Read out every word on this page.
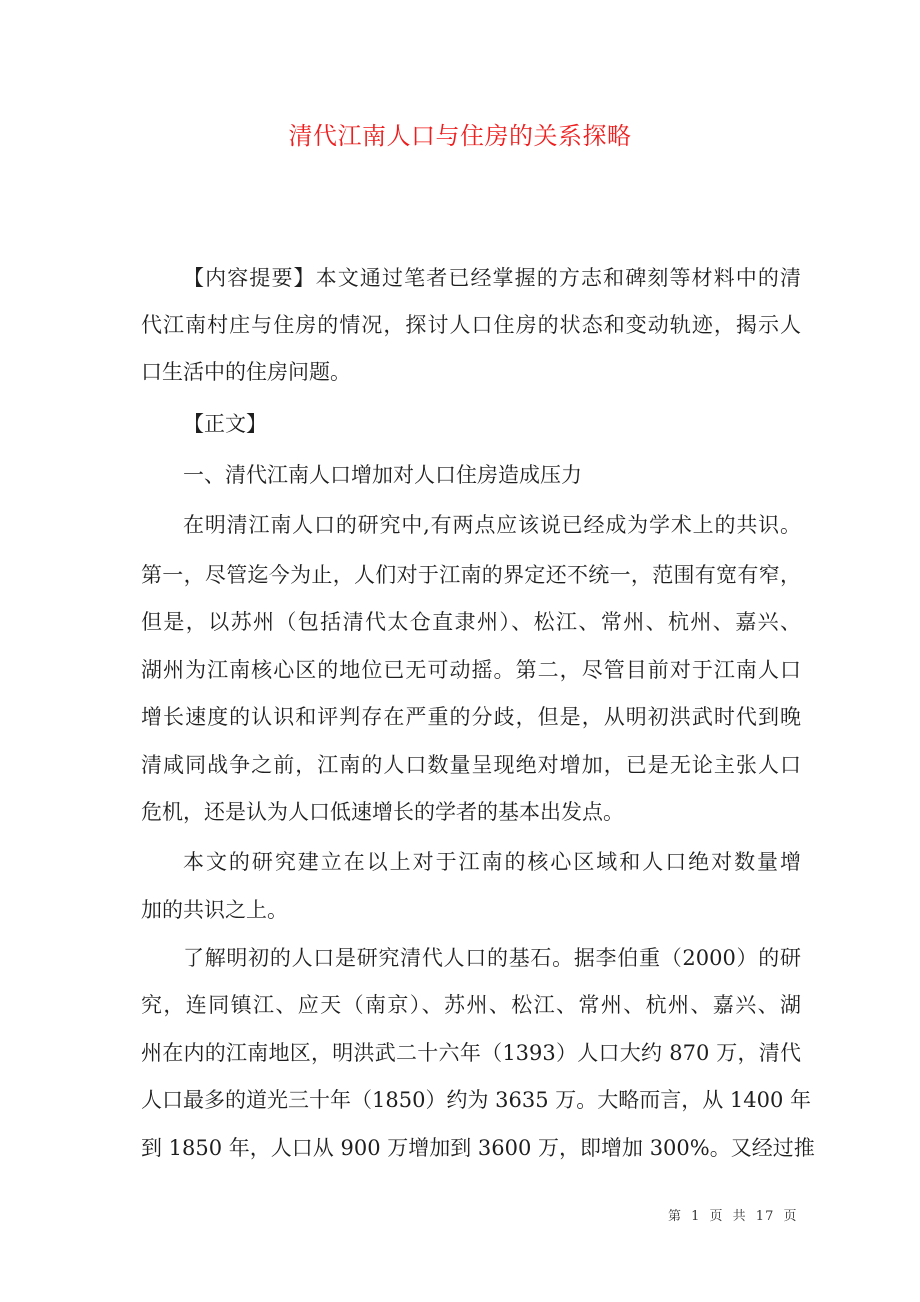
清代江南人口与住房的关系探略
【内容提要】本文通过笔者已经掌握的方志和碑刻等材料中的清
代江南村庄与住房的情况，探讨人口住房的状态和变动轨迹，揭示人
口生活中的住房问题。
【正文】
一、清代江南人口增加对人口住房造成压力
在明清江南人口的研究中,有两点应该说已经成为学术上的共识。
第一，尽管迄今为止，人们对于江南的界定还不统一，范围有宽有窄，
但是，以苏州（包括清代太仓直隶州）、松江、常州、杭州、嘉兴、
湖州为江南核心区的地位已无可动摇。第二，尽管目前对于江南人口
增长速度的认识和评判存在严重的分歧，但是，从明初洪武时代到晚
清咸同战争之前，江南的人口数量呈现绝对增加，已是无论主张人口
危机，还是认为人口低速增长的学者的基本出发点。
本文的研究建立在以上对于江南的核心区域和人口绝对数量增
加的共识之上。
了解明初的人口是研究清代人口的基石。据李伯重（2000）的研
究，连同镇江、应天（南京）、苏州、松江、常州、杭州、嘉兴、湖
州在内的江南地区，明洪武二十六年（1393）人口大约 870 万，清代
人口最多的道光三十年（1850）约为 3635 万。大略而言，从 1400 年
到 1850 年，人口从 900 万增加到 3600 万，即增加 300%。又经过推
第 1 页 共 17 页
